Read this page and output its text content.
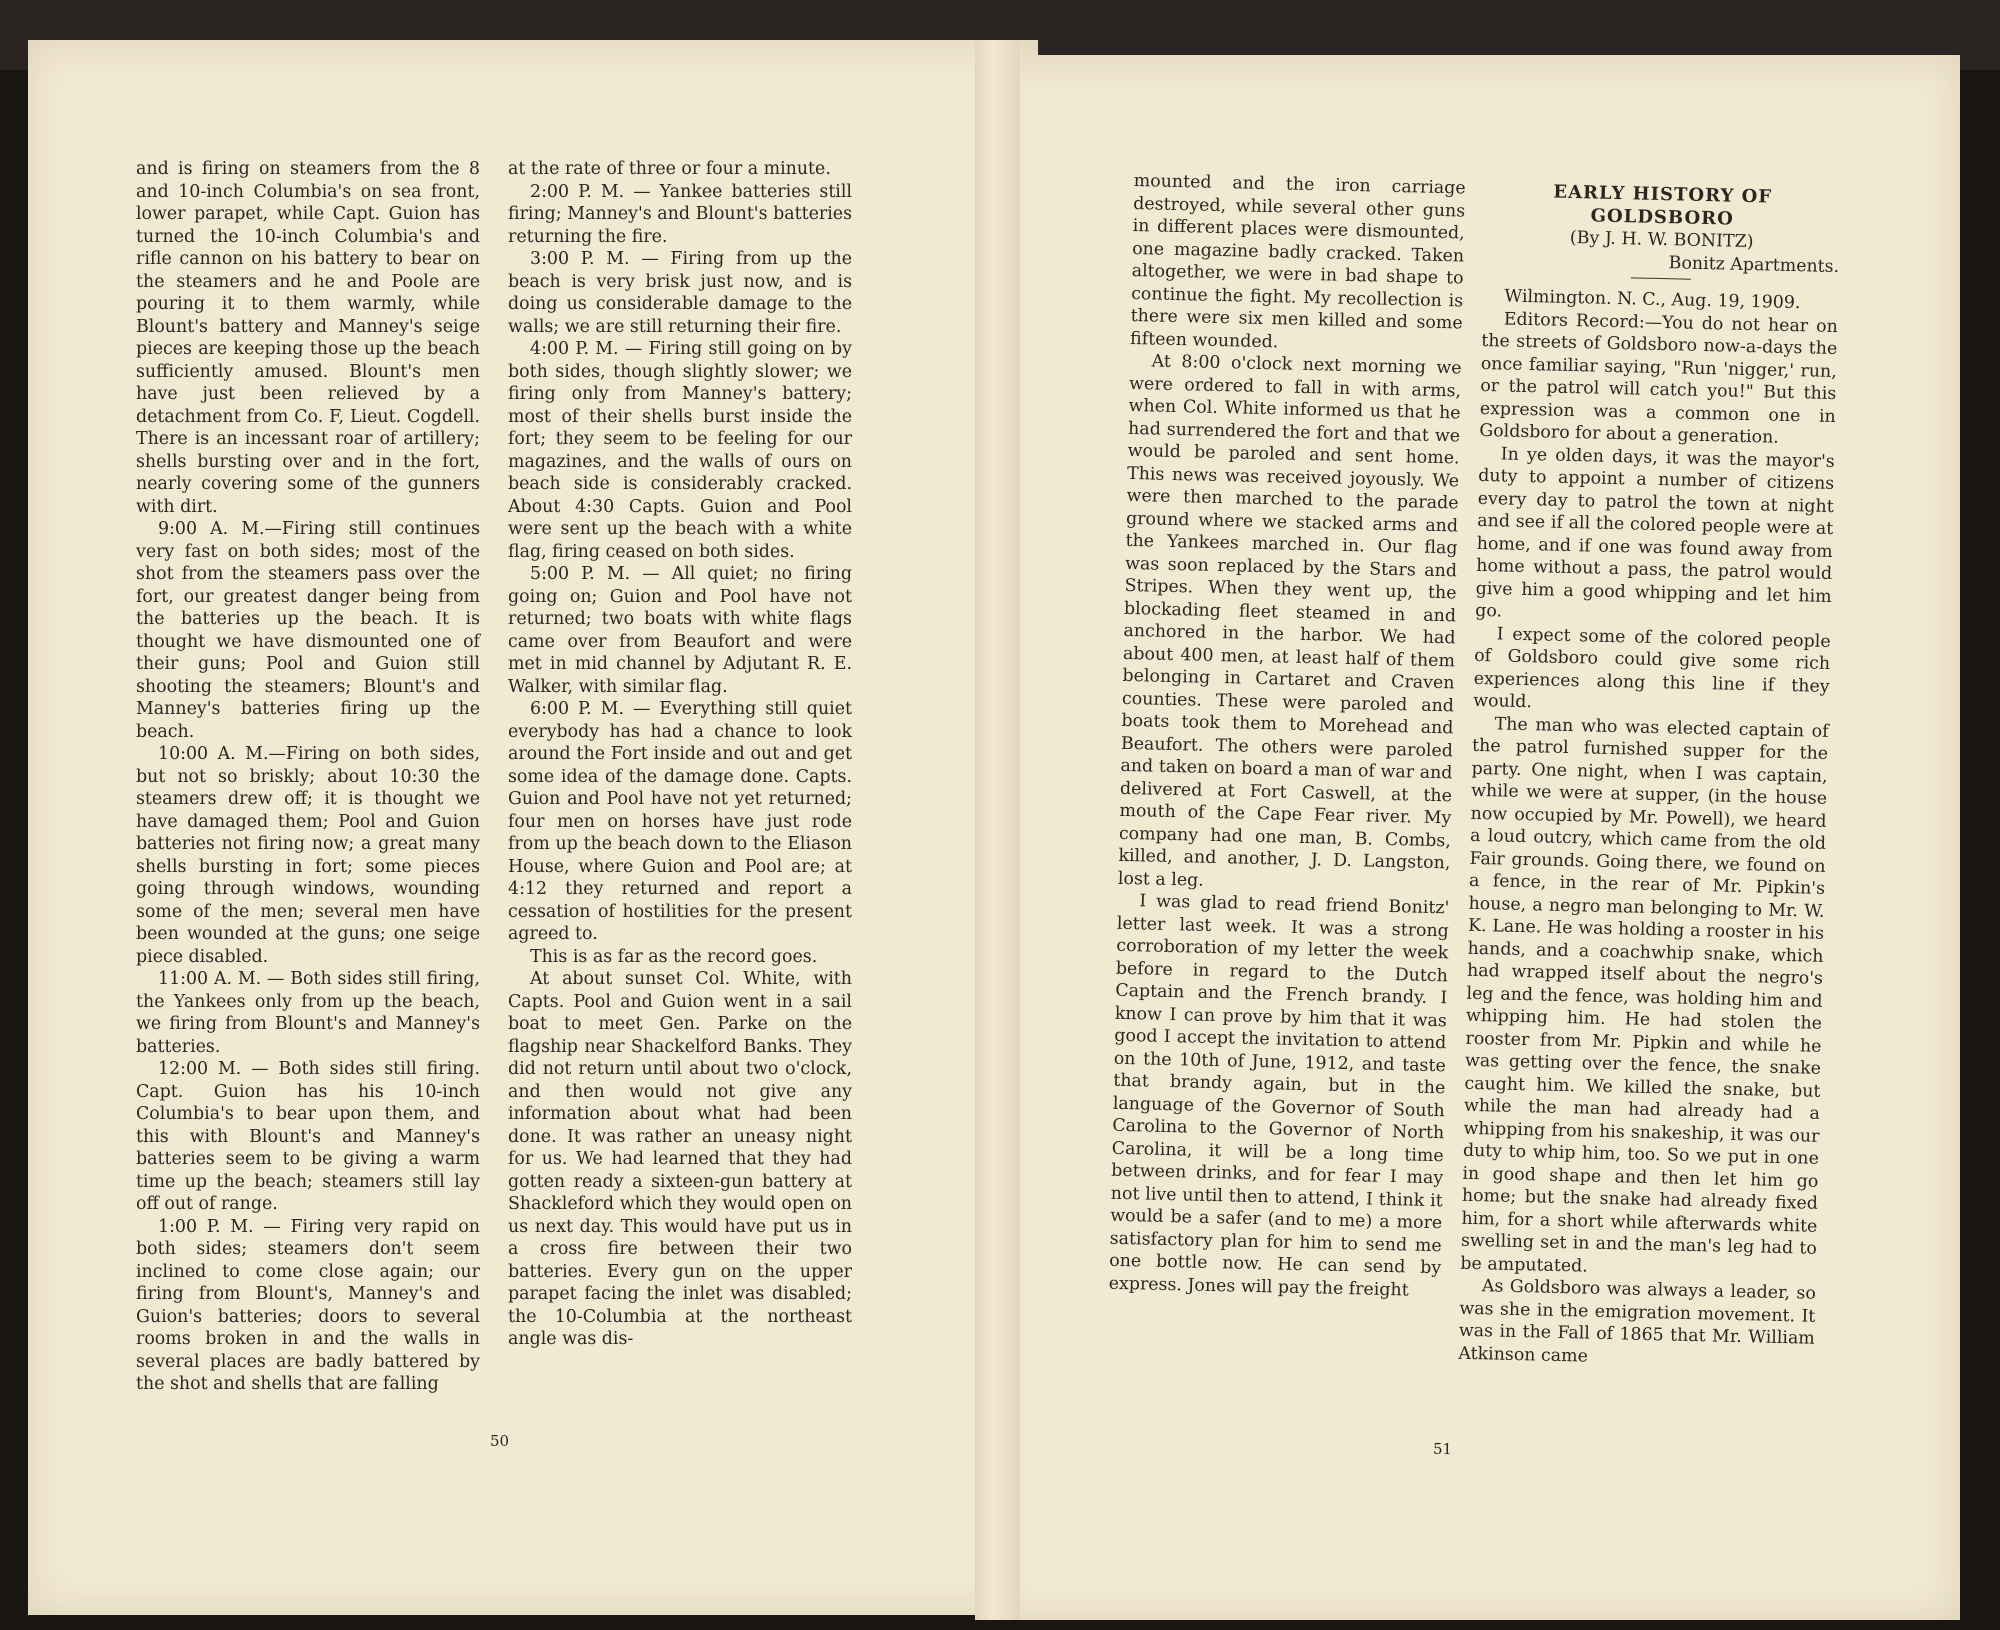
and is firing on steamers from the 8 and 10-inch Columbia's on sea front, lower parapet, while Capt. Guion has turned the 10-inch Columbia's and rifle cannon on his battery to bear on the steamers and he and Poole are pouring it to them warmly, while Blount's battery and Manney's seige pieces are keeping those up the beach sufficiently amused. Blount's men have just been relieved by a detachment from Co. F, Lieut. Cogdell. There is an incessant roar of artillery; shells bursting over and in the fort, nearly covering some of the gunners with dirt.

9:00 A. M.—Firing still continues very fast on both sides; most of the shot from the steamers pass over the fort, our greatest danger being from the batteries up the beach. It is thought we have dismounted one of their guns; Pool and Guion still shooting the steamers; Blount's and Manney's batteries firing up the beach.

10:00 A. M.—Firing on both sides, but not so briskly; about 10:30 the steamers drew off; it is thought we have damaged them; Pool and Guion batteries not firing now; a great many shells bursting in fort; some pieces going through windows, wounding some of the men; several men have been wounded at the guns; one seige piece disabled.

11:00 A. M. — Both sides still firing, the Yankees only from up the beach, we firing from Blount's and Manney's batteries.

12:00 M. — Both sides still firing. Capt. Guion has his 10-inch Columbia's to bear upon them, and this with Blount's and Manney's batteries seem to be giving a warm time up the beach; steamers still lay off out of range.

1:00 P. M. — Firing very rapid on both sides; steamers don't seem inclined to come close again; our firing from Blount's, Manney's and Guion's batteries; doors to several rooms broken in and the walls in several places are badly battered by the shot and shells that are falling

at the rate of three or four a minute.

2:00 P. M. — Yankee batteries still firing; Manney's and Blount's batteries returning the fire.

3:00 P. M. — Firing from up the beach is very brisk just now, and is doing us considerable damage to the walls; we are still returning their fire.

4:00 P. M. — Firing still going on by both sides, though slightly slower; we firing only from Manney's battery; most of their shells burst inside the fort; they seem to be feeling for our magazines, and the walls of ours on beach side is considerably cracked. About 4:30 Capts. Guion and Pool were sent up the beach with a white flag, firing ceased on both sides.

5:00 P. M. — All quiet; no firing going on; Guion and Pool have not returned; two boats with white flags came over from Beaufort and were met in mid channel by Adjutant R. E. Walker, with similar flag.

6:00 P. M. — Everything still quiet everybody has had a chance to look around the Fort inside and out and get some idea of the damage done. Capts. Guion and Pool have not yet returned; four men on horses have just rode from up the beach down to the Eliason House, where Guion and Pool are; at 4:12 they returned and report a cessation of hostilities for the present agreed to.

This is as far as the record goes.

At about sunset Col. White, with Capts. Pool and Guion went in a sail boat to meet Gen. Parke on the flagship near Shackelford Banks. They did not return until about two o'clock, and then would not give any information about what had been done. It was rather an uneasy night for us. We had learned that they had gotten ready a sixteen-gun battery at Shackleford which they would open on us next day. This would have put us in a cross fire between their two batteries. Every gun on the upper parapet facing the inlet was disabled; the 10-Columbia at the northeast angle was dis-

50

mounted and the iron carriage destroyed, while several other guns in different places were dismounted, one magazine badly cracked. Taken altogether, we were in bad shape to continue the fight. My recollection is there were six men killed and some fifteen wounded.

At 8:00 o'clock next morning we were ordered to fall in with arms, when Col. White informed us that he had surrendered the fort and that we would be paroled and sent home. This news was received joyously. We were then marched to the parade ground where we stacked arms and the Yankees marched in. Our flag was soon replaced by the Stars and Stripes. When they went up, the blockading fleet steamed in and anchored in the harbor. We had about 400 men, at least half of them belonging in Cartaret and Craven counties. These were paroled and boats took them to Morehead and Beaufort. The others were paroled and taken on board a man of war and delivered at Fort Caswell, at the mouth of the Cape Fear river. My company had one man, B. Combs, killed, and another, J. D. Langston, lost a leg.

I was glad to read friend Bonitz' letter last week. It was a strong corroboration of my letter the week before in regard to the Dutch Captain and the French brandy. I know I can prove by him that it was good I accept the invitation to attend on the 10th of June, 1912, and taste that brandy again, but in the language of the Governor of South Carolina to the Governor of North Carolina, it will be a long time between drinks, and for fear I may not live until then to attend, I think it would be a safer (and to me) a more satisfactory plan for him to send me one bottle now. He can send by express. Jones will pay the freight

EARLY HISTORY OF GOLDSBORO

(By J. H. W. BONITZ)

Bonitz Apartments.

Wilmington. N. C., Aug. 19, 1909.

Editors Record:—You do not hear on the streets of Goldsboro now-a-days the once familiar saying, "Run 'nigger,' run, or the patrol will catch you!" But this expression was a common one in Goldsboro for about a generation.

In ye olden days, it was the mayor's duty to appoint a number of citizens every day to patrol the town at night and see if all the colored people were at home, and if one was found away from home without a pass, the patrol would give him a good whipping and let him go.

I expect some of the colored people of Goldsboro could give some rich experiences along this line if they would.

The man who was elected captain of the patrol furnished supper for the party. One night, when I was captain, while we were at supper, (in the house now occupied by Mr. Powell), we heard a loud outcry, which came from the old Fair grounds. Going there, we found on a fence, in the rear of Mr. Pipkin's house, a negro man belonging to Mr. W. K. Lane. He was holding a rooster in his hands, and a coachwhip snake, which had wrapped itself about the negro's leg and the fence, was holding him and whipping him. He had stolen the rooster from Mr. Pipkin and while he was getting over the fence, the snake caught him. We killed the snake, but while the man had already had a whipping from his snakeship, it was our duty to whip him, too. So we put in one in good shape and then let him go home; but the snake had already fixed him, for a short while afterwards white swelling set in and the man's leg had to be amputated.

As Goldsboro was always a leader, so was she in the emigration movement. It was in the Fall of 1865 that Mr. William Atkinson came

51
